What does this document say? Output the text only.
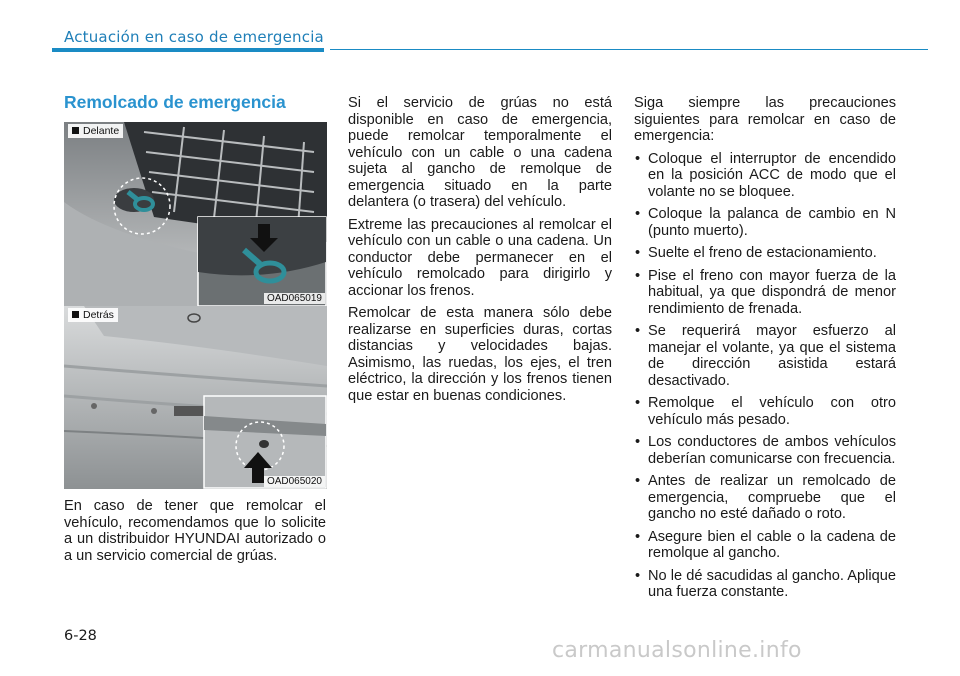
Actuación en caso de emergencia
Remolcado de emergencia
Delante
OAD065019
Detrás
OAD065020

En caso de tener que remolcar el vehículo, recomendamos que lo solicite a un distribuidor HYUNDAI autorizado o a un servicio comercial de grúas.

Si el servicio de grúas no está disponible en caso de emergencia, puede remolcar temporalmente el vehículo con un cable o una cadena sujeta al gancho de remolque de emergencia situado en la parte delantera (o trasera) del vehículo.

Extreme las precauciones al remolcar el vehículo con un cable o una cadena. Un conductor debe permanecer en el vehículo remolcado para dirigirlo y accionar los frenos.

Remolcar de esta manera sólo debe realizarse en superficies duras, cortas distancias y velocidades bajas. Asimismo, las ruedas, los ejes, el tren eléctrico, la dirección y los frenos tienen que estar en buenas condiciones.

Siga siempre las precauciones siguientes para remolcar en caso de emergencia:

• Coloque el interruptor de encendido en la posición ACC de modo que el volante no se bloquee.
• Coloque la palanca de cambio en N (punto muerto).
• Suelte el freno de estacionamiento.
• Pise el freno con mayor fuerza de la habitual, ya que dispondrá de menor rendimiento de frenada.
• Se requerirá mayor esfuerzo al manejar el volante, ya que el sistema de dirección asistida estará desactivado.
• Remolque el vehículo con otro vehículo más pesado.
• Los conductores de ambos vehículos deberían comunicarse con frecuencia.
• Antes de realizar un remolcado de emergencia, compruebe que el gancho no esté dañado o roto.
• Asegure bien el cable o la cadena de remolque al gancho.
• No le dé sacudidas al gancho. Aplique una fuerza constante.
6-28
carmanualsonline.info
